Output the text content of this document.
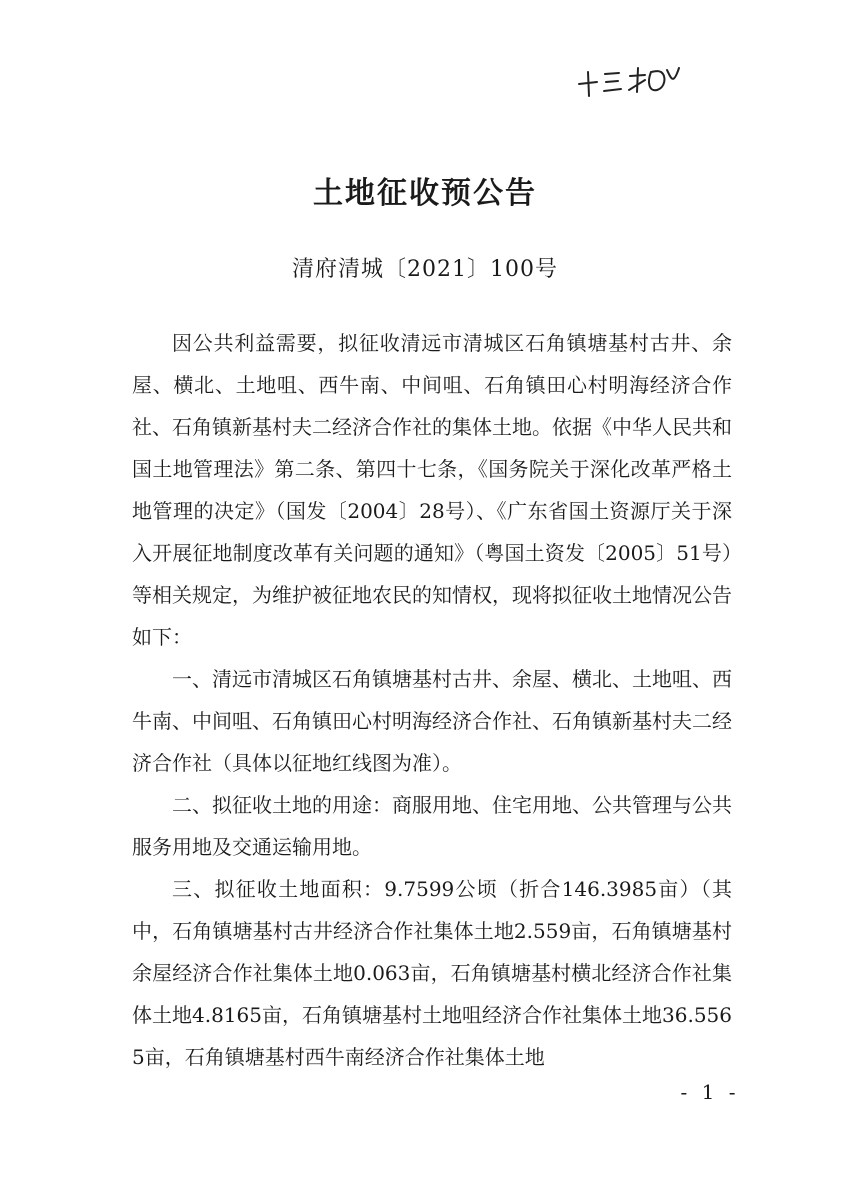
土地征收预公告
清府清城〔2021〕100号

因公共利益需要，拟征收清远市清城区石角镇塘基村古井、余屋、横北、土地咀、西牛南、中间咀、石角镇田心村明海经济合作社、石角镇新基村夫二经济合作社的集体土地。依据《中华人民共和国土地管理法》第二条、第四十七条，《国务院关于深化改革严格土地管理的决定》（国发〔2004〕28号）、《广东省国土资源厅关于深入开展征地制度改革有关问题的通知》（粤国土资发〔2005〕51号）等相关规定，为维护被征地农民的知情权，现将拟征收土地情况公告如下：

一、清远市清城区石角镇塘基村古井、余屋、横北、土地咀、西牛南、中间咀、石角镇田心村明海经济合作社、石角镇新基村夫二经济合作社（具体以征地红线图为准）。

二、拟征收土地的用途：商服用地、住宅用地、公共管理与公共服务用地及交通运输用地。

三、拟征收土地面积：9.7599公顷（折合146.3985亩）（其中，石角镇塘基村古井经济合作社集体土地2.559亩，石角镇塘基村余屋经济合作社集体土地0.063亩，石角镇塘基村横北经济合作社集体土地4.8165亩，石角镇塘基村土地咀经济合作社集体土地36.5565亩，石角镇塘基村西牛南经济合作社集体土地

- 1 -
